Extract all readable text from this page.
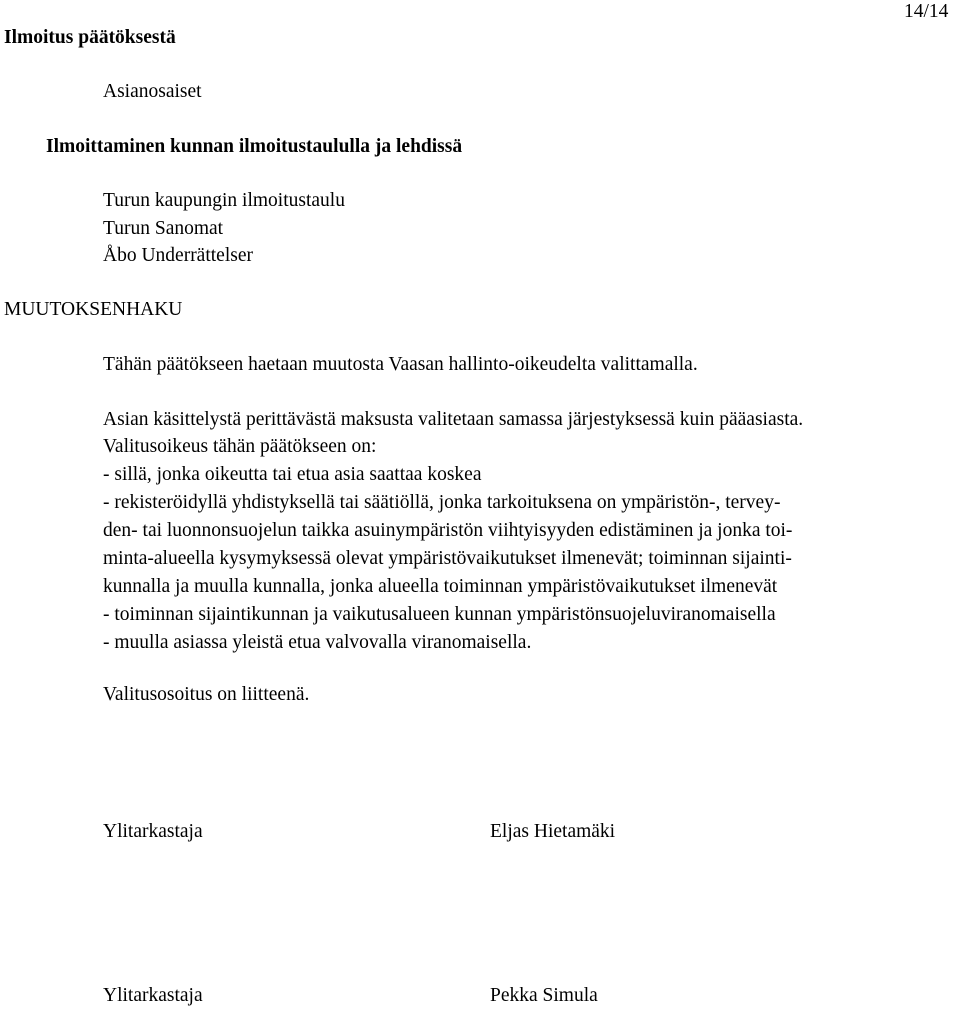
Ilmoitus päätöksestä
14/14
Asianosaiset
Ilmoittaminen kunnan ilmoitustaululla ja lehdissä
Turun kaupungin ilmoitustaulu
Turun Sanomat
Åbo Underrättelser
MUUTOKSENHAKU
Tähän päätökseen haetaan muutosta Vaasan hallinto-oikeudelta valittamalla.
Asian käsittelystä perittävästä maksusta valitetaan samassa järjestyksessä kuin pääasiasta.
Valitusoikeus tähän päätökseen on:
- sillä, jonka oikeutta tai etua asia saattaa koskea
- rekisteröidyllä yhdistyksellä tai säätiöllä, jonka tarkoituksena on ympäristön-, tervey-
den- tai luonnonsuojelun taikka asuinympäristön viihtyisyyden edistäminen ja jonka toi-
minta-alueella kysymyksessä olevat ympäristövaikutukset ilmenevät; toiminnan sijainti-
kunnalla ja muulla kunnalla, jonka alueella toiminnan ympäristövaikutukset ilmenevät
- toiminnan sijaintikunnan ja vaikutusalueen kunnan ympäristönsuojeluviranomaisella
- muulla asiassa yleistä etua valvovalla viranomaisella.
Valitusosoitus on liitteenä.
Ylitarkastaja	Eljas Hietamäki
Ylitarkastaja	Pekka Simula
